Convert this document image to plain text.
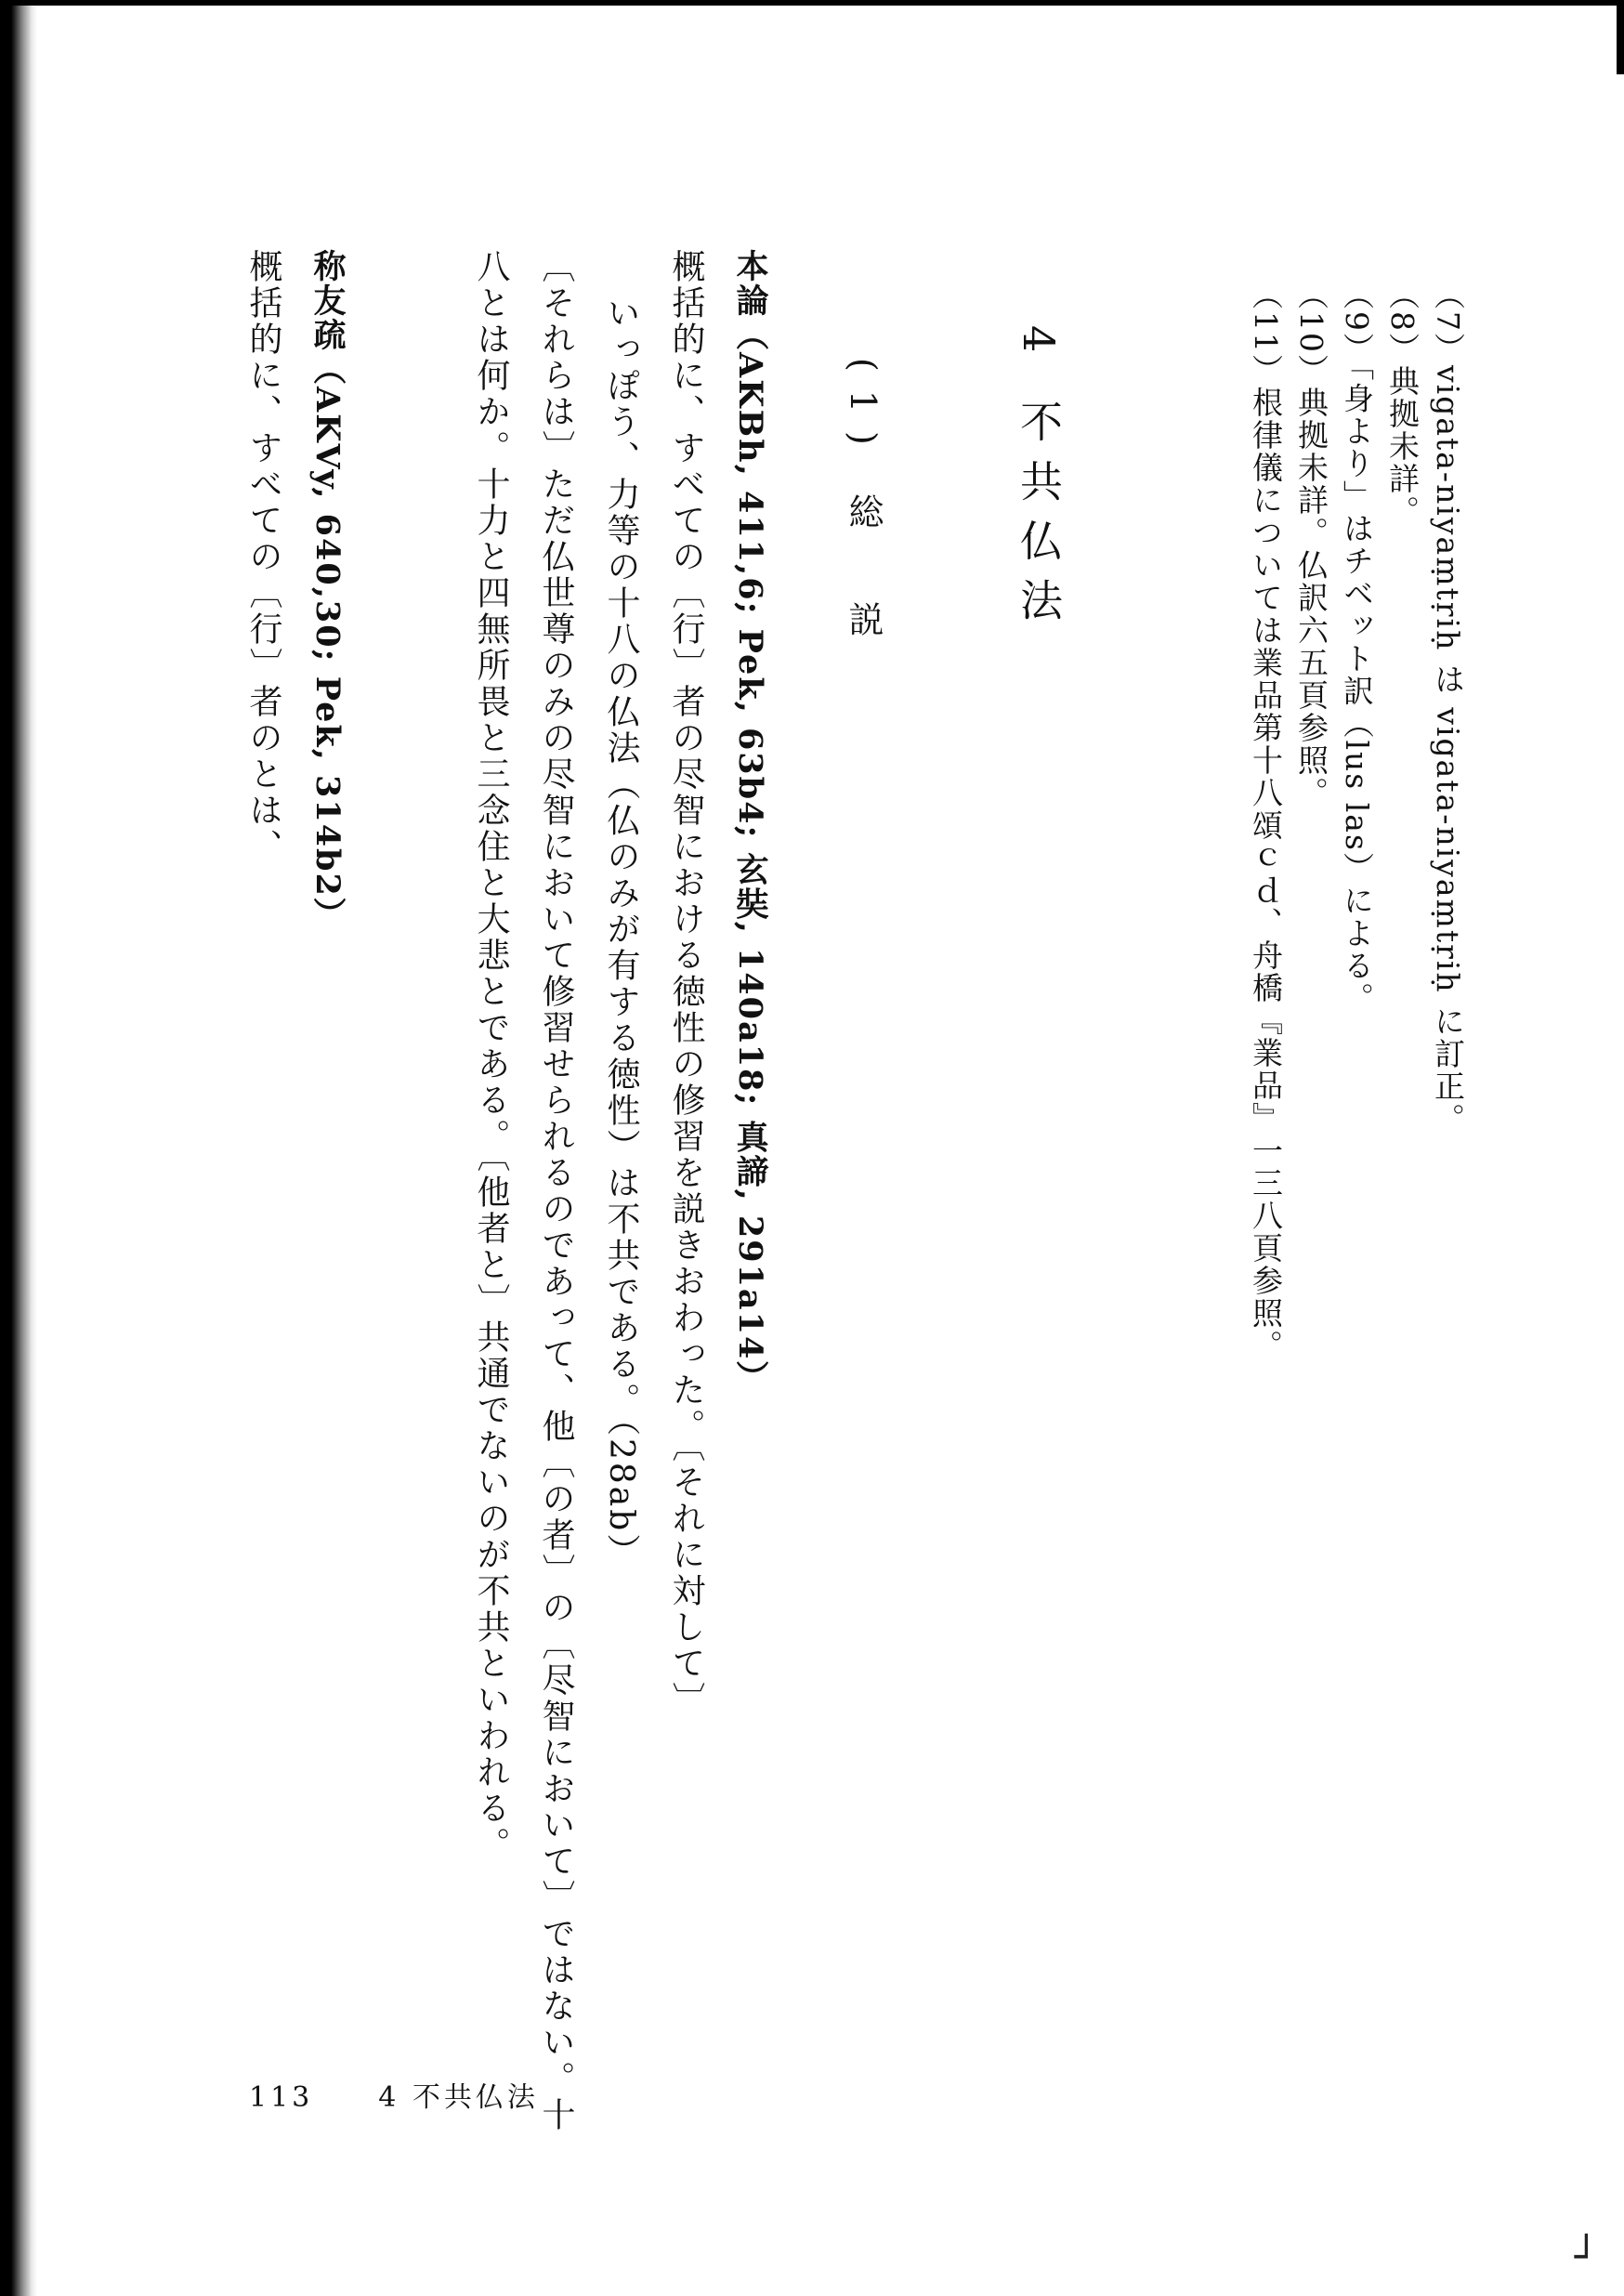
（7）vigata-niyaṃtṛiḥ は vigata-niyaṃtṛiḥ に訂正。
（8）典拠未詳。
（9）「身より」はチベット訳（lus las）による。
（10）典拠未詳。仏訳六五頁参照。
（11）根律儀については業品第十八頌ｃｄ、舟橋『業品』一三八頁参照。
4 不共仏法
(1) 総　説
本論（AKBh, 411,6; Pek, 63b4; 玄奘, 140a18; 真諦, 291a14）
概括的に、すべての〔行〕者の尽智における徳性の修習を説きおわった。〔それに対して〕
いっぽう、力等の十八の仏法（仏のみが有する徳性）は不共である。（28ab）
〔それらは〕ただ仏世尊のみの尽智において修習せられるのであって、他〔の者〕の〔尽智において〕ではない。十
八とは何か。十力と四無所畏と三念住と大悲とである。〔他者と〕共通でないのが不共といわれる。
称友疏（AKVy, 640,30; Pek, 314b2）
概括的に、すべての〔行〕者のとは、
113 4 不共仏法
┘
